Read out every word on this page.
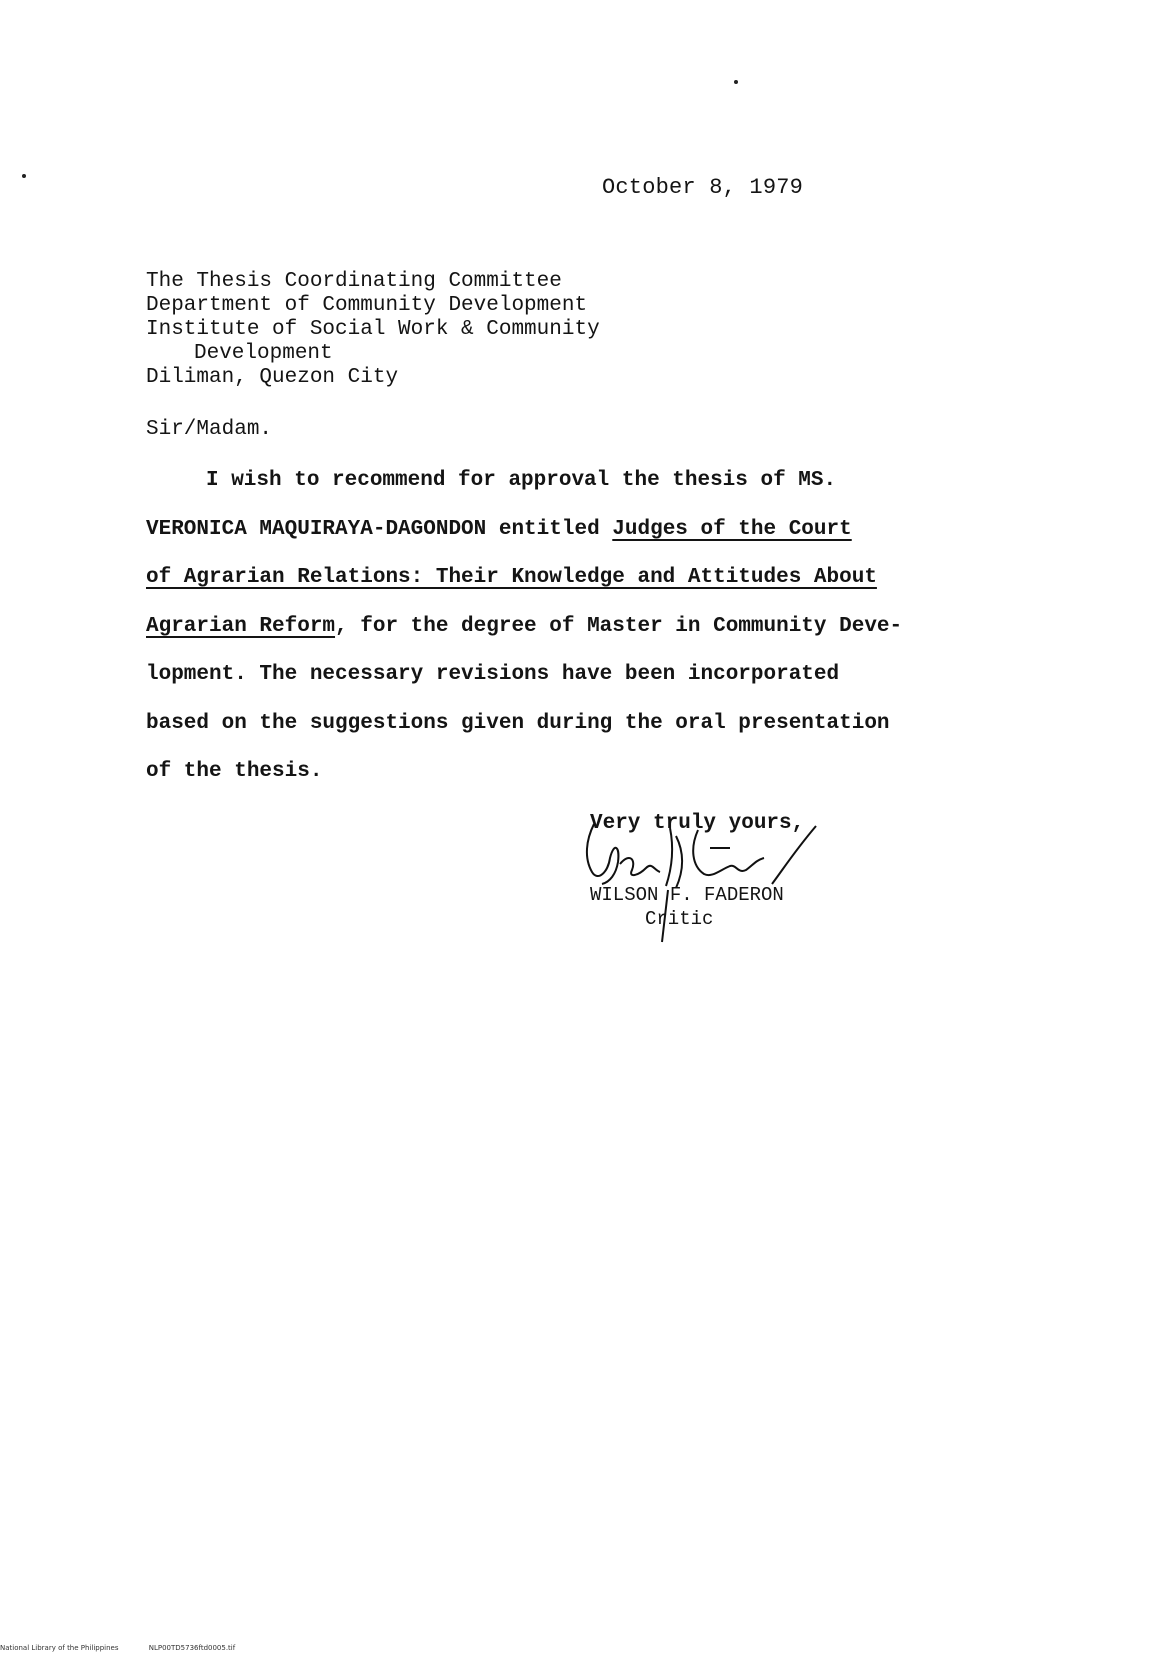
October 8, 1979
The Thesis Coordinating Committee
Department of Community Development
Institute of Social Work & Community
Development
Diliman, Quezon City
Sir/Madam.
I wish to recommend for approval the thesis of MS.
VERONICA MAQUIRAYA-DAGONDON entitled Judges of the Court
of Agrarian Relations: Their Knowledge and Attitudes About
Agrarian Reform, for the degree of Master in Community Deve-
lopment. The necessary revisions have been incorporated
based on the suggestions given during the oral presentation
of the thesis.
Very truly yours,
WILSON F. FADERON
Critic
National Library of the Philippines	NLP00TD5736ftd0005.tif
